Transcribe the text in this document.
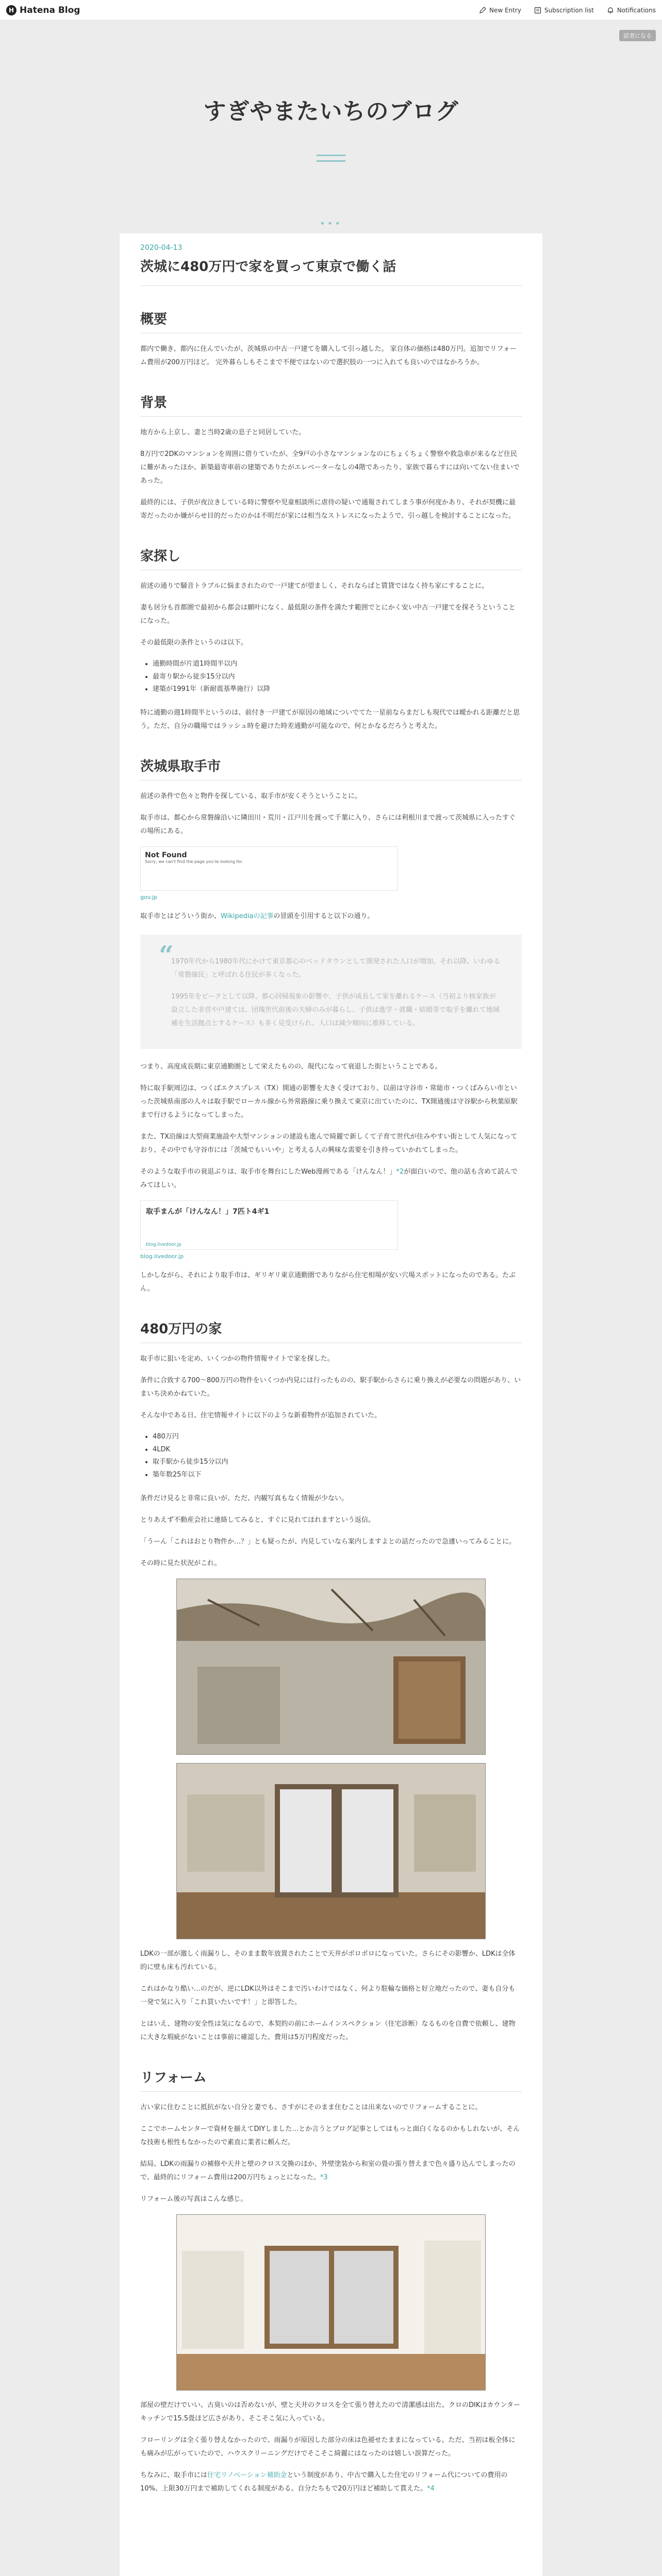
H Hatena Blog	New Entry	Subscription list	Notifications
読者になる
すぎやまたいちのブログ
•••
2020-04-13
茨城に480万円で家を買って東京で働く話
概要

都内で働き、都内に住んでいたが、茨城県の中古一戸建てを購入して引っ越した。 家自体の価格は480万円。追加でリフォーム費用が200万円ほど。 完外暮らしもそこまで不便ではないので選択肢の一つに入れても良いのではなかろうか。

背景

地方から上京し、妻と当時2歳の息子と同居していた。

8万円で2DKのマンションを周囲に借りていたが、全9戸の小さなマンションなのにちょくちょく警察や救急車が来るなど住民に難があったほか、新築最寄車前の建築でありたがエレベーターなしの4階であったり、家族で暮らすには向いてない住まいであった。

最終的には、子供が夜泣きしている時に警察や児童相談所に虐待の疑いで通報されてしまう事が何度かあり、それが契機に最寄だったのか嫌がらせ目的だったのかは不明だが家には相当なストレスになったようで、引っ越しを検討することになった。

家探し

前述の通りで騒音トラブルに悩まされたので一戸建てが望ましく、それならばと賃貸ではなく持ち家にすることに。

妻も居分も首都圏で最初から都会は願叶になく、最低限の条件を満たす範囲でとにかく安い中古一戸建てを探そうということになった。

その最低限の条件というのは以下。

• 通勤時間が片道1時間半以内
• 最寄り駅から徒歩15分以内
• 建築が1991年（新耐震基準施行）以降

特に通勤の週1時間半というのは、前付き一戸建てが原因の地域についでてた一星前ならまだしも現代では曖かれる距離だと思う。ただ、自分の職場ではラッシュ時を避けた時差通勤が可能なので、何とかなるだろうと考えた。

茨城県取手市

前述の条件で色々と物件を探している、取手市が安くそうということに。

取手市は、都心から常磐線沿いに隣田川・荒川・江戸川を渡って千葉に入り、さらには利根川まで渡って茨城県に入ったすぐの場所にある。

Not Found
Sorry, we can't find the page you're looking for.
gov.jp

取手市とはどういう街か、Wikipediaの記事の冒頭を引用すると以下の通り。

“

1970年代から1980年代にかけて東京都心のベッドタウンとして開発された人口が増加。それ以降、いわゆる「常磐線民」と呼ばれる住民が多くなった。

1995年をピークとして以降、都心回帰現象の影響や、子供が成長して家を離れるケース（当初より核家族が設立した非営や戸建ては、団塊世代前後の夫婦のみが暮らし、子供は進学・就職・結婚等で取手を離れて地域補を生活拠点とするケース）も多く見受けられ、人口は減少傾向に推移している。

つまり、高度成長期に東京通勤圏として栄えたものの、現代になって衰退した街ということである。

特に取手駅周辺は、つくばエクスプレス（TX）開通の影響を大きく受けており、以前は守谷市・常総市・つくばみらい市といった茨城県南部の人々は取手駅でローカル線から外常路線に乗り換えて東京に出ていたのに、TX開通後は守谷駅から秋葉原駅まで行けるようになってしまった。

また、TX沿線は大型商業施設や大型マンションの建設も進んで綺麗で新しくて子育て世代が住みやすい街として人気になっており、その中でも守谷市には「茨城でもいいや」と考える人の興味な需要を引き持っていかれてしまった。

そのような取手市の衰退ぶりは、取手市を舞台にしたWeb漫画である「けんなん！」*2が面白いので、他の話も含めて読んでみてほしい。

取手まんが「けんなん！」7匹ト4ギ1
blog.livedoor.jp
blog.livedoor.jp

しかしながら、それにより取手市は、ギリギリ東京通勤圏でありながら住宅相場が安い穴場スポットになったのである。たぶん。

480万円の家

取手市に狙いを定め、いくつかの物件情報サイトで家を探した。

条件に合致する700〜800万円の物件をいくつか内見には行ったものの、駅手駅からさらに乗り換えが必要なの問題があり、いまいち決めかねていた。

そんな中である日、住宅情報サイトに以下のような新着物件が追加されていた。

• 480万円
• 4LDK
• 取手駅から徒歩15分以内
• 築年数25年以下

条件だけ見ると非常に良いが、ただ、内観写真もなく情報が少ない。

とりあえず不動産会社に連絡してみると、すぐに見れてほれますという返信。

「うーん「これはおとり物件か…？」とも疑ったが、内見していなら案内しますよとの話だったので急遽いってみることに。

その時に見た状況がこれ。

LDKの一部が激しく雨漏りし、そのまま数年放置されたことで天井がボロボロになっていた。さらにその影響か、LDKは全体的に壁も床も汚れている。

これはかなり酷い…のだが、逆にLDK以外はそこまで汚いわけではなく、何より駐輪な価格と好立地だったので、妻も自分も一発で気に入り「これ買いたいです！」と即答した。

とはいえ、建物の安全性は気になるので、本契約の前にホームインスペクション（住宅診断）なるものを自費で依頼し、建物に大きな瑕疵がないことは事前に確認した。費用は5万円程度だった。

リフォーム

古い家に住むことに抵抗がない自分と妻でも、さすがにそのまま住むことは出来ないのでリフォームすることに。

ここでホームセンターで資材を揃えてDIYしました…とか言うとブログ記事としてはもっと面白くなるのかもしれないが、そんな技術も根性もなかったので素直に業者に頼んだ。

結局、LDKの雨漏りの補修や天井と壁のクロス交換のほか、外壁塗装から和室の畳の張り替えまで色々盛り込んでしまったので、最終的にリフォーム費用は200万円ちょっとになった。*3

リフォーム後の写真はこんな感じ。

部屋の壁だけでいい、古臭いのは否めないが、壁と天井のクロスを全て張り替えたので清潔感は出た。クロのDIKはカウンターキッチンで15.5畳ほど広さがあり、そこそこ気に入っている。

フローリングは全く張り替えなかったので、雨漏りが原因した部分の床は色褪せたままになっている。ただ、当初は板全体にも痛みが広がっていたので、ハウスクリーニングだけでそこそこ綺麗にはなったのは嬉しい誤算だった。

ちなみに、取手市には住宅リノベーション補助金という制度があり、中古で購入した住宅のリフォーム代についての費用の10%、上限30万円まで補助してくれる制度がある。自分たちもで20万円ほど補助して貰えた。*4
